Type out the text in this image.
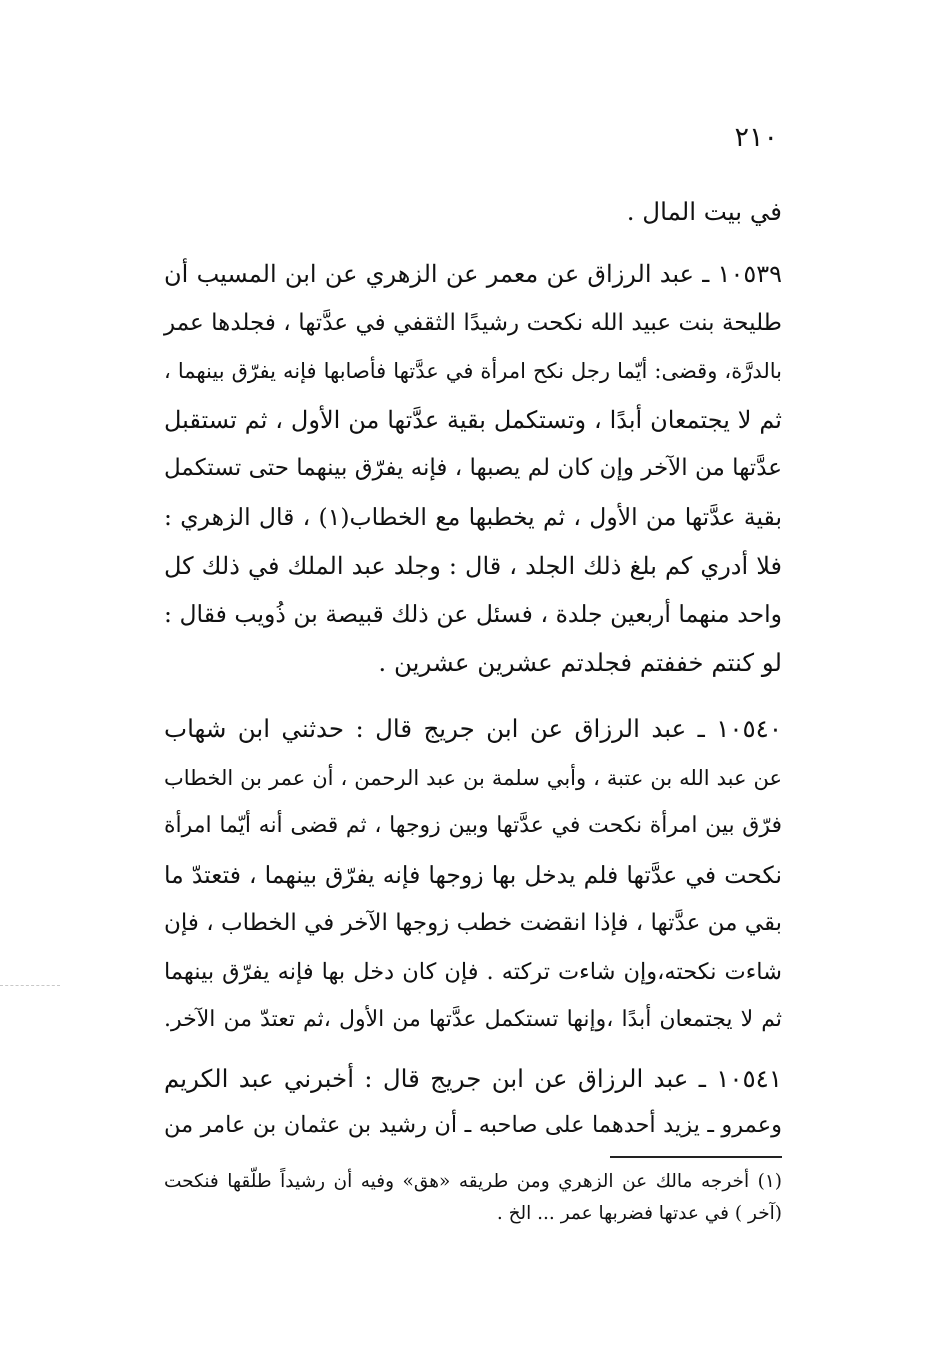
٢١٠
في بيت المال .
١٠٥٣٩ ـ عبد الرزاق عن معمر عن الزهري عن ابن المسيب أن
طليحة بنت عبيد الله نكحت رشيدًا الثقفي في عدَّتها ، فجلدها عمر
بالدرَّة، وقضى: أيّما رجل نكح امرأة في عدَّتها فأصابها فإنه يفرّق بينهما ،
ثم لا يجتمعان أبدًا ، وتستكمل بقية عدَّتها من الأول ، ثم تستقبل
عدَّتها من الآخر وإن كان لم يصبها ، فإنه يفرّق بينهما حتى تستكمل
بقية عدَّتها من الأول ، ثم يخطبها مع الخطاب(١) ، قال الزهري :
فلا أدري كم بلغ ذلك الجلد ، قال : وجلد عبد الملك في ذلك كل
واحد منهما أربعين جلدة ، فسئل عن ذلك قبيصة بن ذُويب فقال :
لو كنتم خففتم فجلدتم عشرين عشرين .
١٠٥٤٠ ـ عبد الرزاق عن ابن جريج قال : حدثني ابن شهاب
عن عبد الله بن عتبة ، وأبي سلمة بن عبد الرحمن ، أن عمر بن الخطاب
فرّق بين امرأة نكحت في عدَّتها وبين زوجها ، ثم قضى أنه أيّما امرأة
نكحت في عدَّتها فلم يدخل بها زوجها فإنه يفرّق بينهما ، فتعتدّ ما
بقي من عدَّتها ، فإذا انقضت خطب زوجها الآخر في الخطاب ، فإن
شاءت نكحته،وإن شاءت تركته . فإن كان دخل بها فإنه يفرّق بينهما
ثم لا يجتمعان أبدًا ،وإنها تستكمل عدَّتها من الأول ،ثم تعتدّ من الآخر.
١٠٥٤١ ـ عبد الرزاق عن ابن جريج قال : أخبرني عبد الكريم
وعمرو ـ يزيد أحدهما على صاحبه ـ أن رشيد بن عثمان بن عامر من
(١) أخرجه مالك عن الزهري ومن طريقه «هق» وفيه أن رشيداً طلّقها فنكحت
(آخر ) في عدتها فضربها عمر ... الخ .
